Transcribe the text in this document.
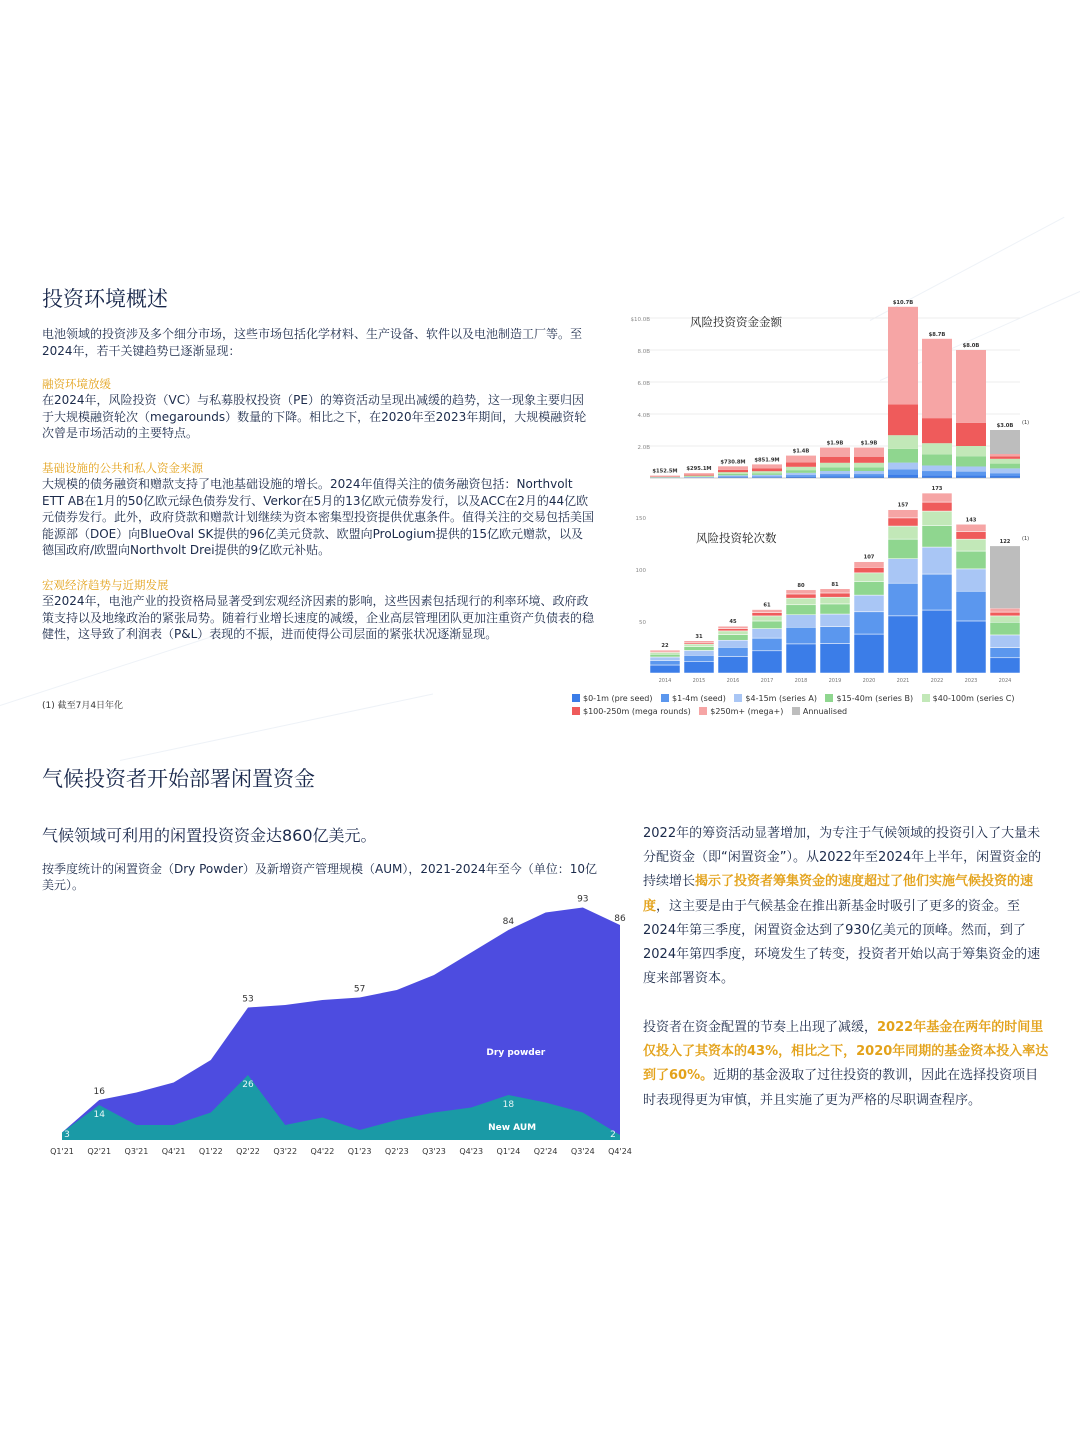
投资环境概述
电池领域的投资涉及多个细分市场，这些市场包括化学材料、生产设备、软件以及电池制造工厂等。至2024年，若干关键趋势已逐渐显现：
融资环境放缓
在2024年，风险投资（VC）与私募股权投资（PE）的筹资活动呈现出减缓的趋势，这一现象主要归因于大规模融资轮次（megarounds）数量的下降。相比之下，在2020年至2023年期间，大规模融资轮次曾是市场活动的主要特点。
基础设施的公共和私人资金来源
大规模的债务融资和赠款支持了电池基础设施的增长。2024年值得关注的债务融资包括：Northvolt ETT AB在1月的50亿欧元绿色债券发行、Verkor在5月的13亿欧元债券发行，以及ACC在2月的44亿欧元债券发行。此外，政府贷款和赠款计划继续为资本密集型投资提供优惠条件。值得关注的交易包括美国能源部（DOE）向BlueOval SK提供的96亿美元贷款、欧盟向ProLogium提供的15亿欧元赠款，以及德国政府/欧盟向Northvolt Drei提供的9亿欧元补贴。
宏观经济趋势与近期发展
至2024年，电池产业的投资格局显著受到宏观经济因素的影响，这些因素包括现行的利率环境、政府政策支持以及地缘政治的紧张局势。随着行业增长速度的减缓，企业高层管理团队更加注重资产负债表的稳健性，这导致了利润表（P&L）表现的不振，进而使得公司层面的紧张状况逐渐显现。
(1) 截至7月4日年化
$10.0B
8.0B
6.0B
4.0B
2.0B
$152.5M $295.1M
$730.8M $851.9M
$1.4B
$1.9B	$1.9B
$10.7B
$8.7B
$8.0B
$3.0B (1)
150
100
50
22
2014
31
2015
45
2016
61
2017
80
2018
81
2019
107
2020
157
2021
173
2022
143
2023
122 (1)
2024
风险投资资金金额
风险投资轮次数
$0-1m (pre seed) $1-4m (seed) $4-15m (series A) $15-40m (series B) $40-100m (series C) $100-250m (mega rounds) $250m+ (mega+) Annualised
气候投资者开始部署闲置资金
气候领域可利用的闲置投资资金达860亿美元。
按季度统计的闲置资金（Dry Powder）及新增资产管理规模（AUM），2021-2024年至今（单位：10亿美元）。
16
53
57
84
93
86
3
14
26
18
2
Dry powder
New AUM
Q1'21 Q2'21 Q3'21 Q4'21 Q1'22 Q2'22 Q3'22 Q4'22 Q1'23 Q2'23 Q3'23 Q4'23 Q1'24 Q2'24 Q3'24 Q4'24
2022年的筹资活动显著增加，为专注于气候领域的投资引入了大量未分配资金（即“闲置资金”）。从2022年至2024年上半年，闲置资金的持续增长揭示了投资者筹集资金的速度超过了他们实施气候投资的速度，这主要是由于气候基金在推出新基金时吸引了更多的资金。至2024年第三季度，闲置资金达到了930亿美元的顶峰。然而，到了2024年第四季度，环境发生了转变，投资者开始以高于筹集资金的速度来部署资本。
投资者在资金配置的节奏上出现了减缓，2022年基金在两年的时间里仅投入了其资本的43%，相比之下，2020年同期的基金资本投入率达到了60%。近期的基金汲取了过往投资的教训，因此在选择投资项目时表现得更为审慎，并且实施了更为严格的尽职调查程序。
